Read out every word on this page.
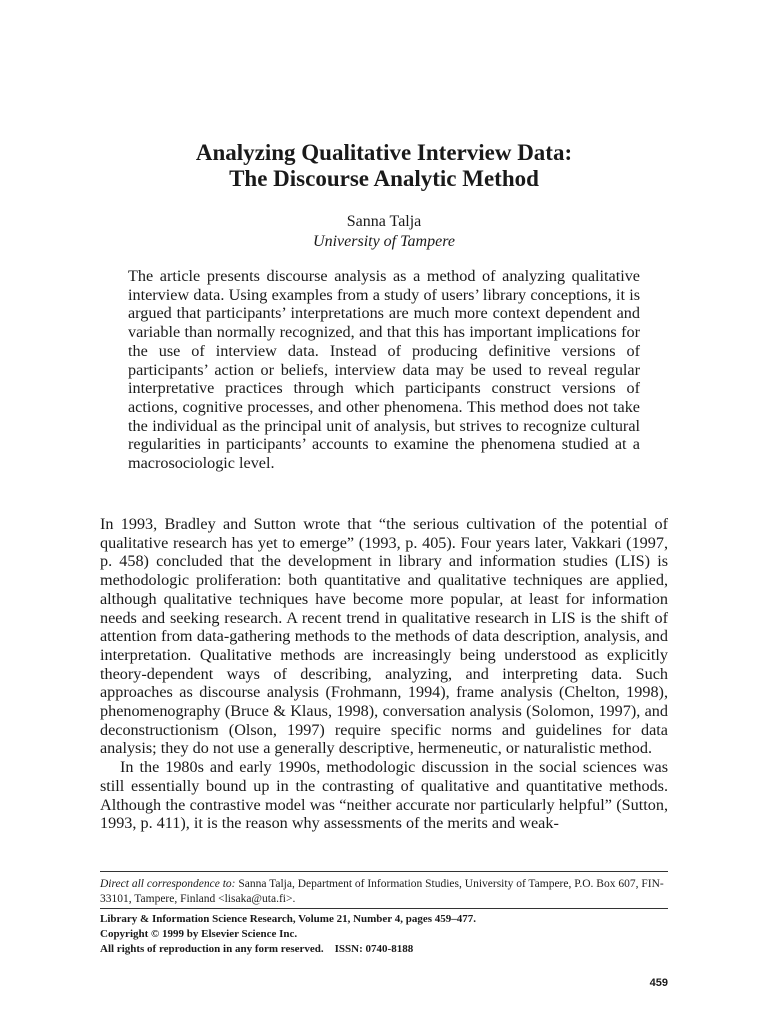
Analyzing Qualitative Interview Data:
The Discourse Analytic Method
Sanna Talja
University of Tampere

The article presents discourse analysis as a method of analyzing qualitative interview data. Using examples from a study of users’ library conceptions, it is argued that participants’ interpretations are much more context dependent and variable than normally recognized, and that this has important implications for the use of interview data. Instead of producing definitive versions of participants’ action or beliefs, interview data may be used to reveal regular interpretative practices through which participants construct versions of actions, cognitive processes, and other phenomena. This method does not take the individual as the principal unit of analysis, but strives to recognize cultural regularities in participants’ accounts to examine the phenomena studied at a macrosociologic level.

In 1993, Bradley and Sutton wrote that “the serious cultivation of the potential of qualitative research has yet to emerge” (1993, p. 405). Four years later, Vakkari (1997, p. 458) concluded that the development in library and information studies (LIS) is methodologic proliferation: both quantitative and qualitative techniques are applied, although qualitative techniques have become more popular, at least for information needs and seeking research. A recent trend in qualitative research in LIS is the shift of attention from data-gathering methods to the methods of data description, analysis, and interpretation. Qualitative methods are increasingly being understood as explicitly theory-dependent ways of describing, analyzing, and interpreting data. Such approaches as discourse analysis (Frohmann, 1994), frame analysis (Chelton, 1998), phenomenography (Bruce & Klaus, 1998), conversation analysis (Solomon, 1997), and deconstructionism (Olson, 1997) require specific norms and guidelines for data analysis; they do not use a generally descriptive, hermeneutic, or naturalistic method.

In the 1980s and early 1990s, methodologic discussion in the social sciences was still essentially bound up in the contrasting of qualitative and quantitative methods. Although the contrastive model was “neither accurate nor particularly helpful” (Sutton, 1993, p. 411), it is the reason why assessments of the merits and weak-

Direct all correspondence to: Sanna Talja, Department of Information Studies, University of Tampere, P.O. Box 607, FIN-33101, Tampere, Finland <lisaka@uta.fi>.
Library & Information Science Research, Volume 21, Number 4, pages 459–477.
Copyright © 1999 by Elsevier Science Inc.
All rights of reproduction in any form reserved.    ISSN: 0740-8188
459
